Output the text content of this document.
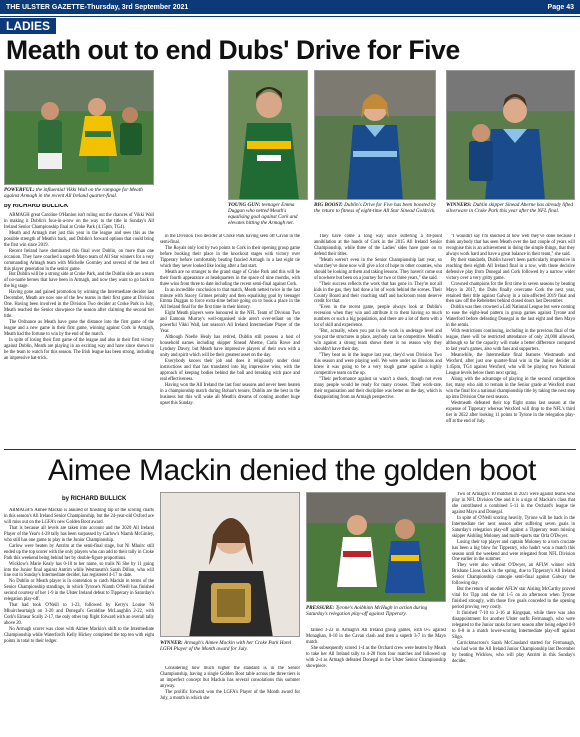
THE ULSTER GAZETTE-Thursday, 3rd September 2021	Page 43
LADIES
Meath out to end Dubs' Drive for Five
POWERFUL: the influential Vikki Wall on the rampage for Meath against Armagh in the recent All Ireland quarter-final.
YOUNG GUN: teenager Emma Duggan who netted Meath's equalising goal against Cork and elevates hitting the Armagh net.
BIG BOOST: Dublin's Drive for Five has been boosted by the return to fitness of eight-time All Star Sinead Goldrick.
WINNERS: Dublin skipper Sinead Aherne has already lifted silverware in Croke Park this year after the NFL final.
by RICHARD BULLICK

ARMAGH great Caroline O'Hanlon isn't ruling out the chances of Vikki Wall in making it Dublin's four-in-a-row on the way to the title in Sunday's All Ireland Senior Championship final at Croke Park (4.15pm, TG4).

Meath and Armagh met just this year in the league and sees this as the possible strength of Meath's back, and Dublin's forward options that could bring the first win since 2019.

Recent Ireland have dominated this final over Dublin, on more than one occasion. They have coached a superb Mayo team of All Star winners for a very commanding Armagh team with Michelle Gormley and several of the best of this player generation in the senior game.

But Dublin will be a strong side at Croke Park, and the Dublin side are a team of no-name heroes that have been in Armagh, and now they want to go back to the big stage.

Having gone and gained promotion by winning the Intermediate decider last December, Meath are now one of the few teams in their first game at Division One. Having been involved in the Division Two decider at Croke Park in July, Meath reached the Senior showpiece the season after claiming the second tier title.

The Ordnance as Meath have gone the distance into the first game of the league and a new game in their first game, winning against Cork in Armagh, Meath had the fortune to win by the end of the match.

In spite of losing their first game of the league and also in their first victory against Dublin, Meath are playing in an exciting way and have since shown to be the team to watch for this season. The Irish league has been strong, including an impressive hat-trick.

in the Division Two decider at Croke Park having seen off Cavan in the semi-final.

The Royals only lost by two points to Cork in their opening group game before booking their place in the knockout stages with victory over Tipperary before comfortably beating fancied Armagh in a last eight tie which they never looked like losing after a fast start.

Meath are no stranger to the grand stage of Croke Park and this will be their fourth appearance at headquarters in the space of nine months, with three wins from three to date including the recent semi-final against Cork.

In an incredible conclusion to that match, Meath netted twice in the last minute with Stacey Grimes penalty and then equalising goal by teenager Emma Duggan to force extra-time before going on to book a place in the All Ireland final for the first time in their history.

Eight Meath players were honoured in the NFL Team of Division Two and Eamonn Murray's well-organised side aren't over-reliant on the powerful Vikki Wall, last season's All Ireland Intermediate Player of the Year.

Although Noelle Healy has retired, Dublin still possess a host of household names including skipper Sinead Aherne, Carla Rowe and Lyndsey Davey, but Meath have impressive players of their own with a unity and spirit which will be their greatest asset on the day.

Everybody knows their job and does it religiously under clear instructions and that has translated into big impressive wins, with the approach of keeping bodies behind the ball and breaking with pace and real effectiveness.

Having won the All Ireland the last four seasons and never been beaten in a championship match during Bohan's tenure, Dublin are the best in the business but this will wake all Meath's dreams of coming another huge upset this Sunday.

They have come a long way since suffering a 40-point annihilation at the hands of Cork in the 2015 All Ireland Senior Championship, while three of the Ladies' sides have gone on to defend their titles.

"Meath weren't even in the Senior Championship last year, so what they've done now will give a lot of hope to other counties, who should be looking at them and taking lessons. They haven't come out of nowhere but been on a journey for two or three years," she said.

"Their success reflects the work that has gone in. They're not all kids in the gas, they had done a lot of work behind the scenes. Their County Board and their coaching staff and backroom team deserve credit for that.

"Even in the recent game, people always look at Dublin's recession when they win and attribute it to them having so much numbers or such a big population, and there are a lot of them with a lot of skill and experience.

"But, actually, when you put in the work in underage level and you put the structures in place, anybody can be competitive. Meath's win against a strong team shows there is no reason why they shouldn't have their day.

"They beat us in the league last year, they'd won Division Two this season and were playing well. We were under no illusions and knew it was going to be a very tough game against a highly competitive team on the up.

"Their performance against us wasn't a shock, though not even many people would be ready for many crosses. Their work-rate, their organisation and their discipline was better on the day, which is disappointing from an Armagh perspective.

"I wouldn't say I'm shocked at how well they've done because I think anybody that has seen Meath over the last couple of years will recognise this is an achievement in doing the simple things, that they always work hard and have a great balance in their team," she said.

By their standards, Dublin haven't been particularly impressive in reaching their eighth All Ireland final in a row, with those decisive defensive play from Donegal and Cork followed by a narrow wider victory over a very gritty game.

Crowned champions for the first time in seven seasons by beating Mayo in 2017, the Dubs finally overcame Cork the next year, retained their title against Galway in a rain-affected 2019 final and then saw off the Rebelettes behind closed doors last December.

Dublin was then crowned a Lidl National League but were coming to ease the eight-lead pattern in group games against Tyrone and Waterford before defeating Donegal in the last eight and then Mayo in the semis.

With restrictions continuing, including in the previous final of the league, there will be restricted attendance of only 24,000 allowed, although so far the capacity will make a better difference compared to last year's games, also with fans and supporters.

Meanwhile, the Intermediate final features Westmeath and Wexford, after just one quarter-final win in the Junior decider at 1.45pm, TG4 against Wexford, who will be playing two National League levels below them next spring.

Along with the advantage of playing in the second competition tier, many who aim to remain in the Senior grade at Wexford must win the final for a national championship title by taking the next step up into Division One next season.

Westmeath defeated their top flight status last season at the expense of Tipperary whereas Wexford will drop to the NFL's third tier in 2022 after looking 11 points to Tyrone in the relegation play-off at the end of July.

Aimee Mackin denied the golden boot
by RICHARD BULLICK

ARMAGH'S Aimee Mackin is assured of finishing top of the scoring charts in this season's All Ireland Senior Championship, but the 24-year-old Oxford ace will miss out on the LGFA's new Golden Boot award.

That is because all levels are taken into account and the 2020 All Ireland Player of the Year's 4-28 tally has been surpassed by Carlow's Niamh McGinley, who still has one game to play in the Junior Championship.

Carlow were beaten by Antrim at the semi-final stage, but Ni Mhuirc still ended up the top scorer with the only players who can add to their tally in Croke Park this weekend being behind her by double-figure proportions.

Wicklow's Marie Kealy has 0-18 to her name, so trails Ni She by 11 going into the Junior final against Antrim while Westmeath's Sarah Dillon, who will line out in Sunday's Intermediate decider, has registered 4-17 to date.

No Dublin or Meath player is in contention to catch Mackin in terms of the Senior Championship standings, in which Tyrone's Niamh O'Neill has finished second courtesy of her 1-9 in the Ulster Ireland defeat to Tipperary in Saturday's relegation play-off.

That had took O'Neill to 1-23, followed by Kerry's Louise Ni Mhuircheartaigh on 3-20 and Donegal's Geraldine McLaughlin 2-22, with Cork's Eimear Scally 2-17, the only other top flight forward with an overall tally above 20.

No Armagh scorer was close with Aimee Mackin's shift to the Intermediate Championship while Waterford's Kelly Hickey completed the top ten with eight points in total to their ledger.	WINNER: Armagh's Aimee Mackin with her Croke Park Hotel LGFA Player of the Month award for July.

Considering how much higher the standard is in the Senior Championship, having a single Golden Boot table across the three tiers is an imperfect concept but Mackin has several consolations this summer anyway.

The prolific forward won the LGFA's Player of the Month award for July, a month in which she

PRESSURE: Tyrone's Aoibhinn McHugh in action during Saturday's relegation play-off against Tipperary.

tallied 3-22 in Armagh's All Ireland group games, with 0-5 against Monaghan, 0-10 in the Cavan clash and then a superb 3-7 in the Mayo match.

She subsequently scored 1-4 as the Orchard crew were beaten by Meath to take her All Ireland tally to 4-28 from four matches and followed up with 2-4 as Armagh defeated Donegal in the Ulster Senior Championship showpiece.

Two of Armagh's 10 matches in 2021 were against teams who play in NFL Division One and it is a sign of Mackin's class that she contributed a combined 5-11 in the Orchard's league tie against Mayo and Donegal.

In spite of O'Neill scoring heavily, Tyrone will be back in the Intermediate tier next season after suffering seven goals in Saturday's relegation play-off against a Tipperary team missing skipper Aishling Moloney and multi-sports star Orla O'Dwyer.

Losing their top player and captain Moloney to a torn cruciate has been a big blow for Tipperary, who hadn't won a match this season until the weekend and were relegated from NFL Division One earlier in the summer.

They were also without O'Dwyer, an AFLW winner with Brisbane Lions back in the spring, due to Tipperary's All Ireland Senior Championship camogie semi-final against Galway the following day.

But the return of another AFLW star Aisling McCarthy proved vital for Tipp and she hit 1-5 on an afternoon when Tyrone finished strongly, with those five goals conceded in the opening period proving very costly.

It finished 7-10 to 2-16 at Kingspan, while there was also disappointment for another Ulster outfit Fermanagh, who were relegated to the Junior ranks for next season after being edged 0-9 to 0-8 in a match lower-scoring Intermediate play-off against Sligo.

Carrickmacross's Sarah McCausland started for Fermanagh, who had won the All Ireland Junior Championship last December by beating Wicklow, who will play Antrim in this Sunday's decider.
